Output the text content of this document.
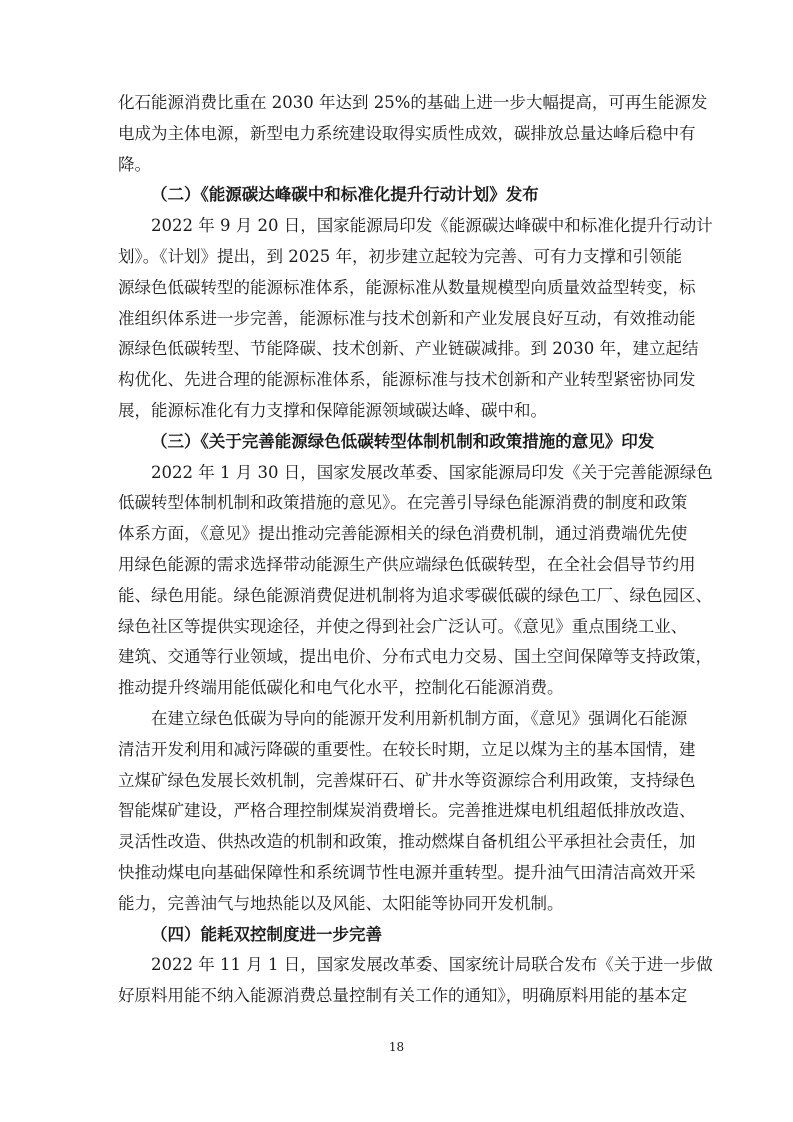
化石能源消费比重在 2030 年达到 25%的基础上进一步大幅提高，可再生能源发
电成为主体电源，新型电力系统建设取得实质性成效，碳排放总量达峰后稳中有
降。
（二）《能源碳达峰碳中和标准化提升行动计划》发布
2022 年 9 月 20 日，国家能源局印发《能源碳达峰碳中和标准化提升行动计
划》。《计划》提出，到 2025 年，初步建立起较为完善、可有力支撑和引领能
源绿色低碳转型的能源标准体系，能源标准从数量规模型向质量效益型转变，标
准组织体系进一步完善，能源标准与技术创新和产业发展良好互动，有效推动能
源绿色低碳转型、节能降碳、技术创新、产业链碳减排。到 2030 年，建立起结
构优化、先进合理的能源标准体系，能源标准与技术创新和产业转型紧密协同发
展，能源标准化有力支撑和保障能源领域碳达峰、碳中和。
（三）《关于完善能源绿色低碳转型体制机制和政策措施的意见》印发
2022 年 1 月 30 日，国家发展改革委、国家能源局印发《关于完善能源绿色
低碳转型体制机制和政策措施的意见》。在完善引导绿色能源消费的制度和政策
体系方面，《意见》提出推动完善能源相关的绿色消费机制，通过消费端优先使
用绿色能源的需求选择带动能源生产供应端绿色低碳转型，在全社会倡导节约用
能、绿色用能。绿色能源消费促进机制将为追求零碳低碳的绿色工厂、绿色园区、
绿色社区等提供实现途径，并使之得到社会广泛认可。《意见》重点围绕工业、
建筑、交通等行业领域，提出电价、分布式电力交易、国土空间保障等支持政策，
推动提升终端用能低碳化和电气化水平，控制化石能源消费。
在建立绿色低碳为导向的能源开发利用新机制方面，《意见》强调化石能源
清洁开发利用和减污降碳的重要性。在较长时期，立足以煤为主的基本国情，建
立煤矿绿色发展长效机制，完善煤矸石、矿井水等资源综合利用政策，支持绿色
智能煤矿建设，严格合理控制煤炭消费增长。完善推进煤电机组超低排放改造、
灵活性改造、供热改造的机制和政策，推动燃煤自备机组公平承担社会责任，加
快推动煤电向基础保障性和系统调节性电源并重转型。提升油气田清洁高效开采
能力，完善油气与地热能以及风能、太阳能等协同开发机制。
（四）能耗双控制度进一步完善
2022 年 11 月 1 日，国家发展改革委、国家统计局联合发布《关于进一步做
好原料用能不纳入能源消费总量控制有关工作的通知》，明确原料用能的基本定
18
